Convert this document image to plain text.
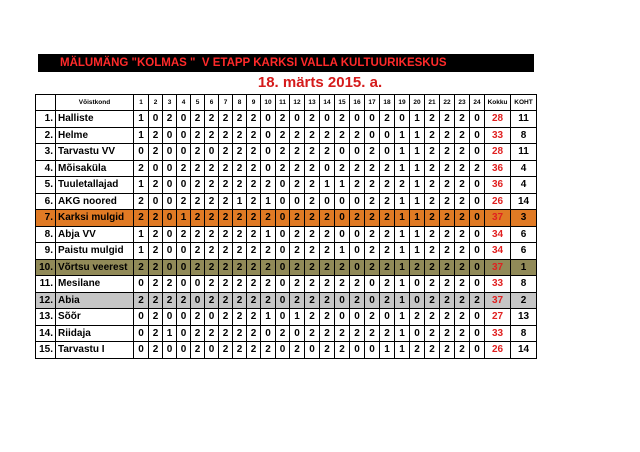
MÄLUMÄNG "KOLMAS "  V ETAPP KARKSI VALLA KULTUURIKESKUS
18. märts 2015. a.
	Võistkond	1	2	3	4	5	6	7	8	9	10	11	12	13	14	15	16	17	18	19	20	21	22	23	24	Kokku	KOHT
1.	Halliste	1	0	2	0	2	2	2	2	2	0	2	0	2	0	2	0	0	2	0	1	2	2	2	0	28	11
2.	Helme	1	2	0	0	2	2	2	2	2	0	2	2	2	2	2	2	0	0	1	1	2	2	2	0	33	8
3.	Tarvastu VV	0	2	0	0	2	0	2	2	2	0	2	2	2	2	0	0	2	0	1	1	2	2	2	0	28	11
4.	Mõisaküla	2	0	0	2	2	2	2	2	2	0	2	2	2	0	2	2	2	2	1	1	2	2	2	2	36	4
5.	Tuuletallajad	1	2	0	0	2	2	2	2	2	2	0	2	2	1	1	2	2	2	2	1	2	2	2	0	36	4
6.	AKG noored	2	0	0	2	2	2	2	1	2	1	0	0	2	0	0	0	2	2	1	1	2	2	2	0	26	14
7.	Karksi mulgid	2	2	0	1	2	2	2	2	2	2	0	2	2	2	0	2	2	2	1	1	2	2	2	0	37	3
8.	Abja VV	1	2	0	2	2	2	2	2	2	1	0	2	2	2	0	0	2	2	1	1	2	2	2	0	34	6
9.	Paistu mulgid	1	2	0	0	2	2	2	2	2	2	0	2	2	2	1	0	2	2	1	1	2	2	2	0	34	6
10.	Võrtsu veerest	2	2	0	0	2	2	2	2	2	2	0	2	2	2	2	0	2	2	1	2	2	2	2	0	37	1
11.	Mesilane	0	2	2	0	0	2	2	2	2	2	0	2	2	2	2	2	0	2	1	0	2	2	2	0	33	8
12.	Abia	2	2	2	2	0	2	2	2	2	2	0	2	2	2	0	2	0	2	1	0	2	2	2	2	37	2
13.	Sõõr	0	2	0	0	2	0	2	2	2	1	0	1	2	2	0	0	2	0	1	2	2	2	2	0	27	13
14.	Riidaja	0	2	1	0	2	2	2	2	2	0	2	0	2	2	2	2	2	2	1	0	2	2	2	0	33	8
15.	Tarvastu I	0	2	0	0	2	0	2	2	2	2	0	2	0	2	2	0	0	1	1	2	2	2	2	0	26	14
